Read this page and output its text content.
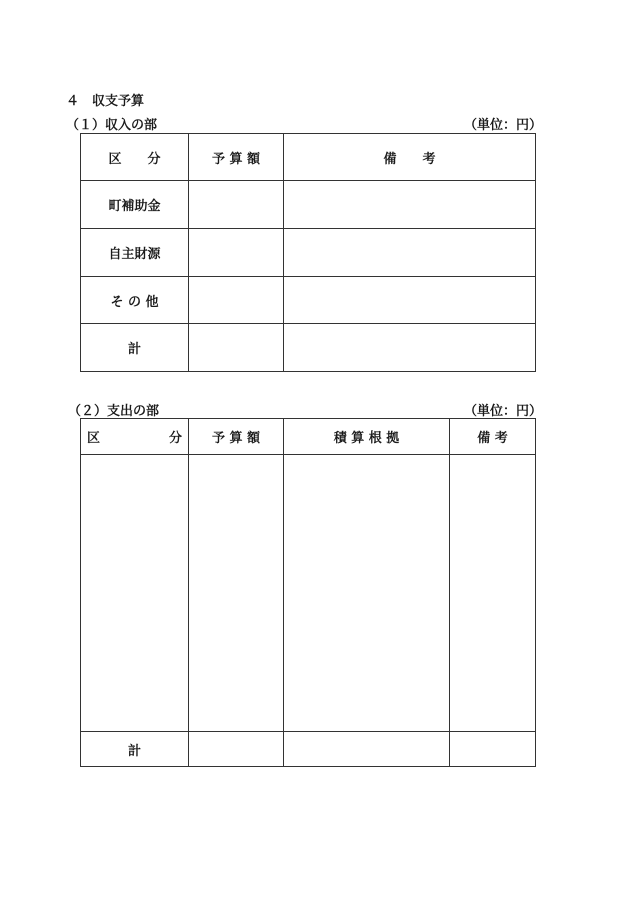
４　収支予算
（１）収入の部	（単位：円）
区　　分	予 算 額	備　　考
町補助金		
自主財源		
そ の 他		
計		
（２）支出の部	（単位：円）
区 分	予 算 額	積 算 根 拠	備 考

計			
